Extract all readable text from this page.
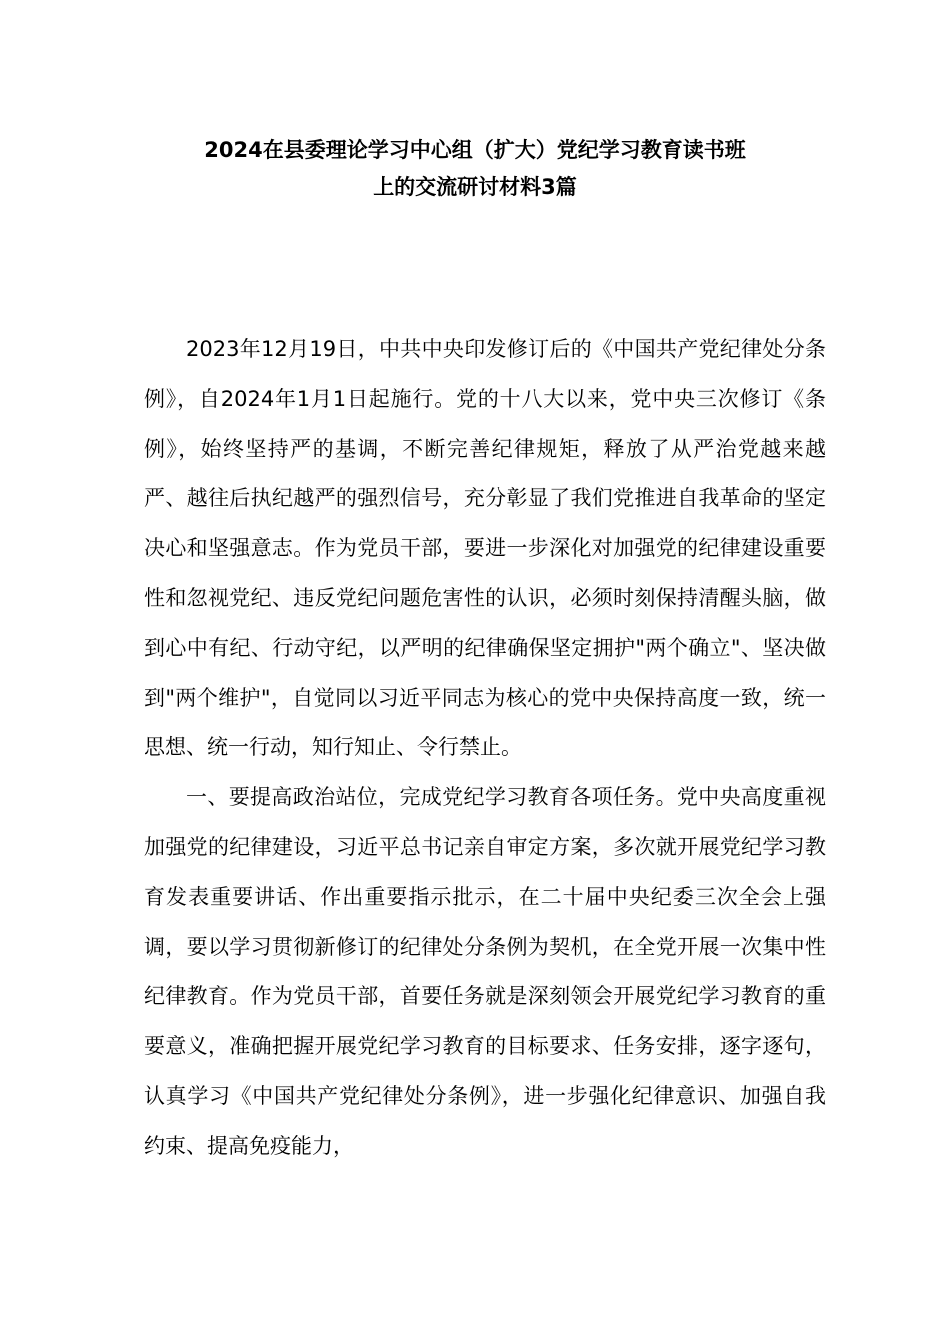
2024在县委理论学习中心组（扩大）党纪学习教育读书班
上的交流研讨材料3篇

2023年12月19日，中共中央印发修订后的《中国共产党纪律处分条例》，自2024年1月1日起施行。党的十八大以来，党中央三次修订《条例》，始终坚持严的基调，不断完善纪律规矩，释放了从严治党越来越严、越往后执纪越严的强烈信号，充分彰显了我们党推进自我革命的坚定决心和坚强意志。作为党员干部，要进一步深化对加强党的纪律建设重要性和忽视党纪、违反党纪问题危害性的认识，必须时刻保持清醒头脑，做到心中有纪、行动守纪，以严明的纪律确保坚定拥护"两个确立"、坚决做到"两个维护"，自觉同以习近平同志为核心的党中央保持高度一致，统一思想、统一行动，知行知止、令行禁止。

一、要提高政治站位，完成党纪学习教育各项任务。党中央高度重视加强党的纪律建设，习近平总书记亲自审定方案，多次就开展党纪学习教育发表重要讲话、作出重要指示批示，在二十届中央纪委三次全会上强调，要以学习贯彻新修订的纪律处分条例为契机，在全党开展一次集中性纪律教育。作为党员干部，首要任务就是深刻领会开展党纪学习教育的重要意义，准确把握开展党纪学习教育的目标要求、任务安排，逐字逐句，认真学习《中国共产党纪律处分条例》，进一步强化纪律意识、加强自我约束、提高免疫能力，
